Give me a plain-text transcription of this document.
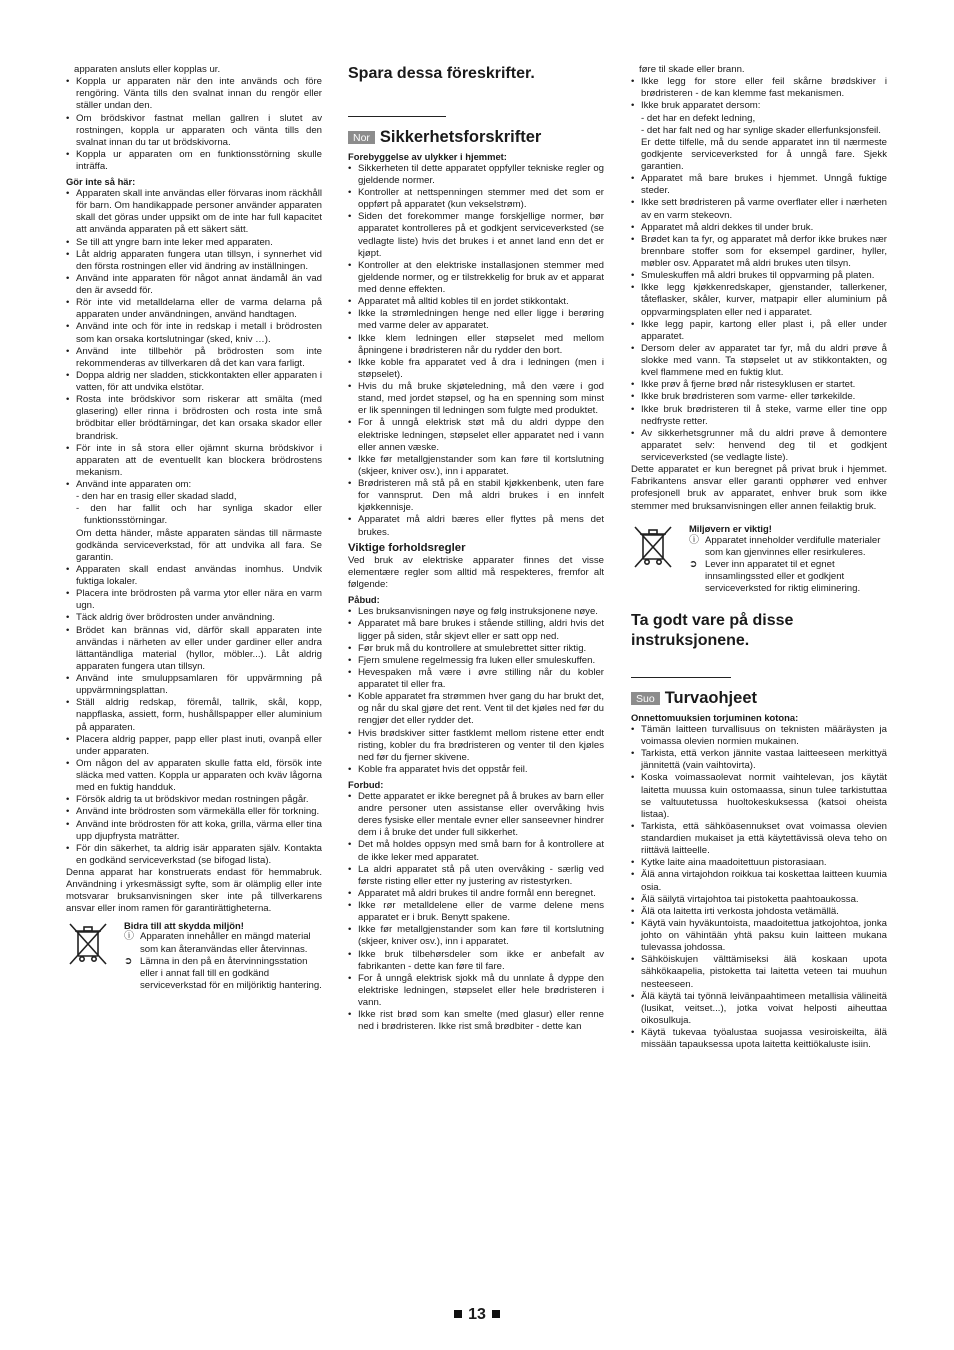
apparaten ansluts eller kopplas ur.

• Koppla ur apparaten när den inte används och före rengöring. Vänta tills den svalnat innan du rengör eller ställer undan den.
• Om brödskivor fastnat mellan gallren i slutet av rostningen, koppla ur apparaten och vänta tills den svalnat innan du tar ut brödskivorna.
• Koppla ur apparaten om en funktionsstörning skulle inträffa.
Gör inte så här:
• Apparaten skall inte användas eller förvaras inom räckhåll för barn. Om handikappade personer använder apparaten skall det göras under uppsikt om de inte har full kapacitet att använda apparaten på ett säkert sätt.
• Se till att yngre barn inte leker med apparaten.
• Låt aldrig apparaten fungera utan tillsyn, i synnerhet vid den första rostningen eller vid ändring av inställningen.
• Använd inte apparaten för något annat ändamål än vad den är avsedd för.
• Rör inte vid metalldelarna eller de varma delarna på apparaten under användningen, använd handtagen.
• Använd inte och för inte in redskap i metall i brödrosten som kan orsaka kortslutningar (sked, kniv …).
• Använd inte tillbehör på brödrosten som inte rekommenderas av tillverkaren då det kan vara farligt.
• Doppa aldrig ner sladden, stickkontakten eller apparaten i vatten, för att undvika elstötar.
• Rosta inte brödskivor som riskerar att smälta (med glasering) eller rinna i brödrosten och rosta inte små brödbitar eller brödtärningar, det kan orsaka skador eller brandrisk.
• För inte in så stora eller ojämnt skurna brödskivor i apparaten att de eventuellt kan blockera brödrostens mekanism.
• Använd inte apparaten om:
- den har en trasig eller skadad sladd,
- den har fallit och har synliga skador eller funktionsstörningar.
Om detta händer, måste apparaten sändas till närmaste godkända serviceverkstad, för att undvika all fara. Se garantin.
• Apparaten skall endast användas inomhus. Undvik fuktiga lokaler.
• Placera inte brödrosten på varma ytor eller nära en varm ugn.
• Täck aldrig över brödrosten under användning.
• Brödet kan brännas vid, därför skall apparaten inte användas i närheten av eller under gardiner eller andra lättantändliga material (hyllor, möbler...). Låt aldrig apparaten fungera utan tillsyn.
• Använd inte smuluppsamlaren för uppvärmning på uppvärmningsplattan.
• Ställ aldrig redskap, föremål, tallrik, skål, kopp, nappflaska, assiett, form, hushållspapper eller aluminium på apparaten.
• Placera aldrig papper, papp eller plast inuti, ovanpå eller under apparaten.
• Om någon del av apparaten skulle fatta eld, försök inte släcka med vatten. Koppla ur apparaten och kväv lågorna med en fuktig handduk.
• Försök aldrig ta ut brödskivor medan rostningen pågår.
• Använd inte brödrosten som värmekälla eller för torkning.
• Använd inte brödrosten för att koka, grilla, värma eller tina upp djupfrysta maträtter.
• För din säkerhet, ta aldrig isär apparaten själv. Kontakta en godkänd serviceverkstad (se bifogad lista).

Denna apparat har konstruerats endast för hemmabruk. Användning i yrkesmässigt syfte, som är olämplig eller inte motsvarar bruksanvisningen sker inte på tillverkarens ansvar eller inom ramen för garantirättigheterna.

Bidra till att skydda miljön!
ⓘ Apparaten innehåller en mängd material som kan återanvändas eller återvinnas.
➲ Lämna in den på en återvinningsstation eller i annat fall till en godkänd serviceverkstad för en miljöriktig hantering.
Spara dessa föreskrifter.
Nor Sikkerhetsforskrifter
Forebyggelse av ulykker i hjemmet:
• Sikkerheten til dette apparatet oppfyller tekniske regler og gjeldende normer.
• Kontroller at nettspenningen stemmer med det som er oppført på apparatet (kun vekselstrøm).
• Siden det forekommer mange forskjellige normer, bør apparatet kontrolleres på et godkjent serviceverksted (se vedlagte liste) hvis det brukes i et annet land enn det er kjøpt.
• Kontroller at den elektriske installasjonen stemmer med gjeldende normer, og er tilstrekkelig for bruk av et apparat med denne effekten.
• Apparatet må alltid kobles til en jordet stikkontakt.
• Ikke la strømledningen henge ned eller ligge i berøring med varme deler av apparatet.
• Ikke klem ledningen eller støpselet med mellom åpningene i brødristeren når du rydder den bort.
• Ikke koble fra apparatet ved å dra i ledningen (men i støpselet).
• Hvis du må bruke skjøteledning, må den være i god stand, med jordet støpsel, og ha en spenning som minst er lik spenningen til ledningen som fulgte med produktet.
• For å unngå elektrisk støt må du aldri dyppe den elektriske ledningen, støpselet eller apparatet ned i vann eller annen væske.
• Ikke før metallgjenstander som kan føre til kortslutning (skjeer, kniver osv.), inn i apparatet.
• Brødristeren må stå på en stabil kjøkkenbenk, uten fare for vannsprut. Den må aldri brukes i en innfelt kjøkkennisje.
• Apparatet må aldri bæres eller flyttes på mens det brukes.
Viktige forholdsregler

Ved bruk av elektriske apparater finnes det visse elementære regler som alltid må respekteres, fremfor alt følgende:

Påbud:
• Les bruksanvisningen nøye og følg instruksjonene nøye.
• Apparatet må bare brukes i stående stilling, aldri hvis det ligger på siden, står skjevt eller er satt opp ned.
• Før bruk må du kontrollere at smulebrettet sitter riktig.
• Fjern smulene regelmessig fra luken eller smuleskuffen.
• Hevespaken må være i øvre stilling når du kobler apparatet til eller fra.
• Koble apparatet fra strømmen hver gang du har brukt det, og når du skal gjøre det rent. Vent til det kjøles ned før du rengjør det eller rydder det.
• Hvis brødskiver sitter fastklemt mellom ristene etter endt risting, kobler du fra brødristeren og venter til den kjøles ned før du fjerner skivene.
• Koble fra apparatet hvis det oppstår feil.
Forbud:
• Dette apparatet er ikke beregnet på å brukes av barn eller andre personer uten assistanse eller overvåking hvis deres fysiske eller mentale evner eller sanseevner hindrer dem i å bruke det under full sikkerhet.
• Det må holdes oppsyn med små barn for å kontrollere at de ikke leker med apparatet.
• La aldri apparatet stå på uten overvåking - særlig ved første risting eller etter ny justering av ristestyrken.
• Apparatet må aldri brukes til andre formål enn beregnet.
• Ikke rør metalldelene eller de varme delene mens apparatet er i bruk. Benytt spakene.
• Ikke før metallgjenstander som kan føre til kortslutning (skjeer, kniver osv.), inn i apparatet.
• Ikke bruk tilbehørsdeler som ikke er anbefalt av fabrikanten - dette kan føre til fare.
• For å unngå elektrisk sjokk må du unnlate å dyppe den elektriske ledningen, støpselet eller hele brødristeren i vann.
• Ikke rist brød som kan smelte (med glasur) eller renne ned i brødristeren. Ikke rist små brødbiter - dette kan

føre til skade eller brann.

• Ikke legg for store eller feil skårne brødskiver i brødristeren - de kan klemme fast mekanismen.
• Ikke bruk apparatet dersom:
- det har en defekt ledning,
- det har falt ned og har synlige skader ellerfunksjonsfeil.
Er dette tilfelle, må du sende apparatet inn til nærmeste godkjente serviceverksted for å unngå fare. Sjekk garantien.
• Apparatet må bare brukes i hjemmet. Unngå fuktige steder.
• Ikke sett brødristeren på varme overflater eller i nærheten av en varm stekeovn.
• Apparatet må aldri dekkes til under bruk.
• Brødet kan ta fyr, og apparatet må derfor ikke brukes nær brennbare stoffer som for eksempel gardiner, hyller, møbler osv. Apparatet må aldri brukes uten tilsyn.
• Smuleskuffen må aldri brukes til oppvarming på platen.
• Ikke legg kjøkkenredskaper, gjenstander, tallerkener, tåteflasker, skåler, kurver, matpapir eller aluminium på oppvarmingsplaten eller ned i apparatet.
• Ikke legg papir, kartong eller plast i, på eller under apparatet.
• Dersom deler av apparatet tar fyr, må du aldri prøve å slokke med vann. Ta støpselet ut av stikkontakten, og kvel flammene med en fuktig klut.
• Ikke prøv å fjerne brød når ristesyklusen er startet.
• Ikke bruk brødristeren som varme- eller tørkekilde.
• Ikke bruk brødristeren til å steke, varme eller tine opp nedfryste retter.
• Av sikkerhetsgrunner må du aldri prøve å demontere apparatet selv: henvend deg til et godkjent serviceverksted (se vedlagte liste).

Dette apparatet er kun beregnet på privat bruk i hjemmet. Fabrikantens ansvar eller garanti opphører ved enhver profesjonell bruk av apparatet, enhver bruk som ikke stemmer med bruksanvisningen eller annen feilaktig bruk.

Miljøvern er viktig!
ⓘ Apparatet inneholder verdifulle materialer som kan gjenvinnes eller resirkuleres.
➲ Lever inn apparatet til et egnet innsamlingssted eller et godkjent serviceverksted for riktig eliminering.
Ta godt vare på disse instruksjonene.
Suo Turvaohjeet
Onnettomuuksien torjuminen kotona:
• Tämän laitteen turvallisuus on teknisten määräysten ja voimassa olevien normien mukainen.
• Tarkista, että verkon jännite vastaa laitteeseen merkittyä jännitettä (vain vaihtovirta).
• Koska voimassaolevat normit vaihtelevan, jos käytät laitetta muussa kuin ostomaassa, sinun tulee tarkistuttaa se valtuutetussa huoltokeskuksessa (katsoi oheista listaa).
• Tarkista, että sähköasennukset ovat voimassa olevien standardien mukaiset ja että käytettävissä oleva teho on riittävä laitteelle.
• Kytke laite aina maadoitettuun pistorasiaan.
• Älä anna virtajohdon roikkua tai koskettaa laitteen kuumia osia.
• Älä säilytä virtajohtoa tai pistoketta paahtoaukossa.
• Älä ota laitetta irti verkosta johdosta vetämällä.
• Käytä vain hyväkuntoista, maadoitettua jatkojohtoa, jonka johto on vähintään yhtä paksu kuin laitteen mukana tulevassa johdossa.
• Sähköiskujen välttämiseksi älä koskaan upota sähkökaapelia, pistoketta tai laitetta veteen tai muuhun nesteeseen.
• Älä käytä tai työnnä leivänpaahtimeen metallisia välineitä (lusikat, veitset...), jotka voivat helposti aiheuttaa oikosulkuja.
• Käytä tukevaa työalustaa suojassa vesiroiskeilta, älä missään tapauksessa upota laitetta keittiökaluste isiin.
13
